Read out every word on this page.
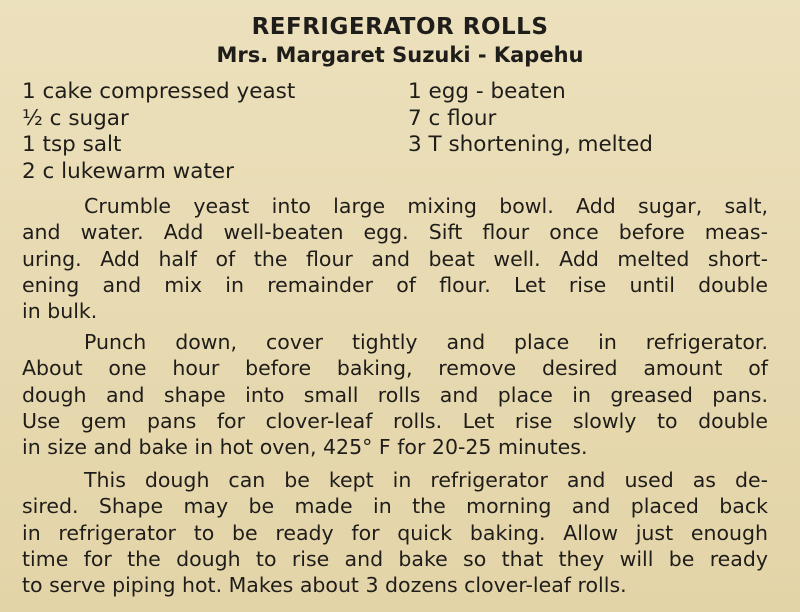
REFRIGERATOR ROLLS
Mrs. Margaret Suzuki - Kapehu
1 cake compressed yeast
½ c sugar
1 tsp salt
2 c lukewarm water
1 egg - beaten
7 c flour
3 T shortening, melted
Crumble yeast into large mixing bowl. Add sugar, salt,
and water. Add well-beaten egg. Sift flour once before meas-
uring. Add half of the flour and beat well. Add melted short-
ening and mix in remainder of flour. Let rise until double
in bulk.
Punch down, cover tightly and place in refrigerator.
About one hour before baking, remove desired amount of
dough and shape into small rolls and place in greased pans.
Use gem pans for clover-leaf rolls. Let rise slowly to double
in size and bake in hot oven, 425° F for 20-25 minutes.
This dough can be kept in refrigerator and used as de-
sired. Shape may be made in the morning and placed back
in refrigerator to be ready for quick baking. Allow just enough
time for the dough to rise and bake so that they will be ready
to serve piping hot. Makes about 3 dozens clover-leaf rolls.
